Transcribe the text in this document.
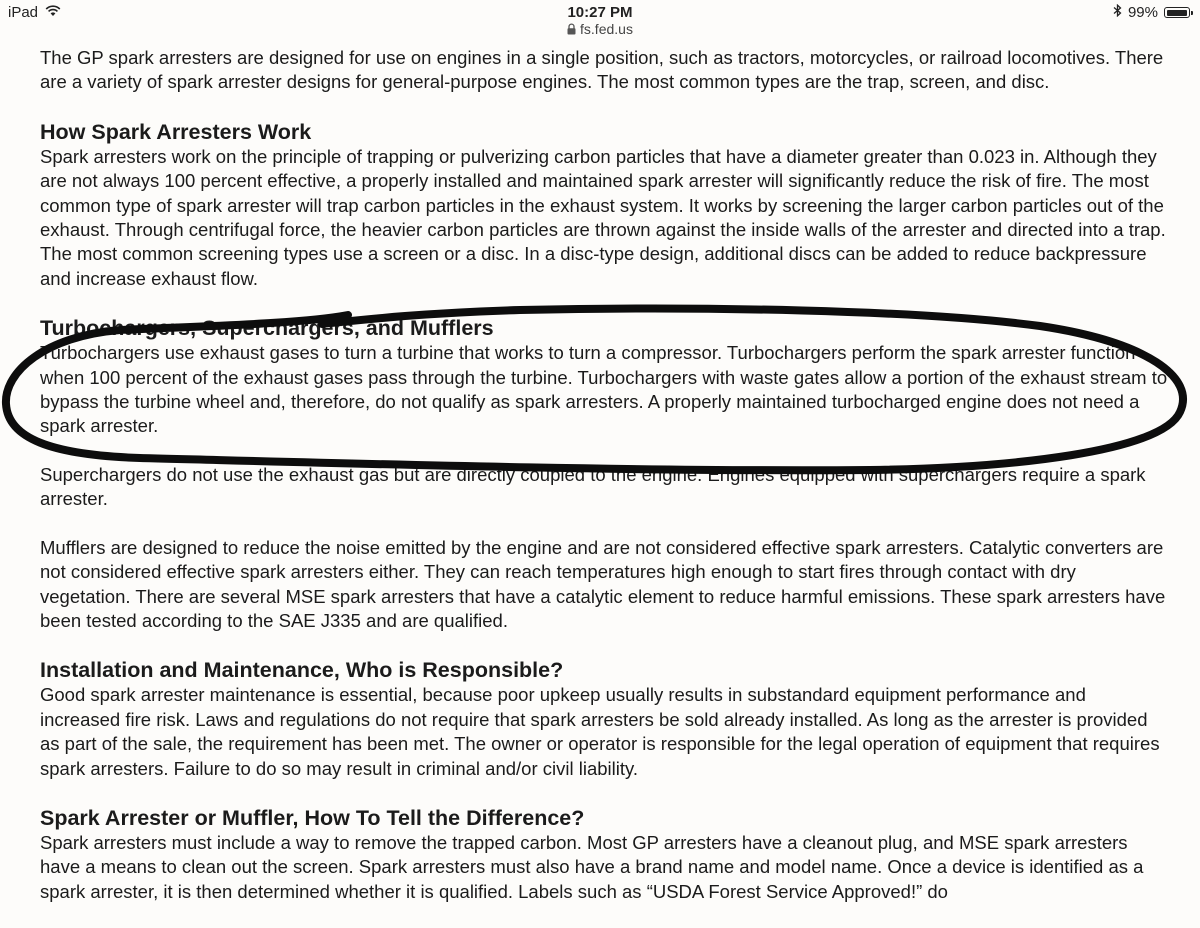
iPad	10:27 PM	99%
fs.fed.us

The GP spark arresters are designed for use on engines in a single position, such as tractors, motorcycles, or railroad locomotives. There are a variety of spark arrester designs for general-purpose engines. The most common types are the trap, screen, and disc.

How Spark Arresters Work

Spark arresters work on the principle of trapping or pulverizing carbon particles that have a diameter greater than 0.023 in. Although they are not always 100 percent effective, a properly installed and maintained spark arrester will significantly reduce the risk of fire. The most common type of spark arrester will trap carbon particles in the exhaust system. It works by screening the larger carbon particles out of the exhaust. Through centrifugal force, the heavier carbon particles are thrown against the inside walls of the arrester and directed into a trap. The most common screening types use a screen or a disc. In a disc-type design, additional discs can be added to reduce backpressure and increase exhaust flow.

Turbochargers, Superchargers, and Mufflers

Turbochargers use exhaust gases to turn a turbine that works to turn a compressor. Turbochargers perform the spark arrester function when 100 percent of the exhaust gases pass through the turbine. Turbochargers with waste gates allow a portion of the exhaust stream to bypass the turbine wheel and, therefore, do not qualify as spark arresters. A properly maintained turbocharged engine does not need a spark arrester.

Superchargers do not use the exhaust gas but are directly coupled to the engine. Engines equipped with superchargers require a spark arrester.

Mufflers are designed to reduce the noise emitted by the engine and are not considered effective spark arresters. Catalytic converters are not considered effective spark arresters either. They can reach temperatures high enough to start fires through contact with dry vegetation. There are several MSE spark arresters that have a catalytic element to reduce harmful emissions. These spark arresters have been tested according to the SAE J335 and are qualified.

Installation and Maintenance, Who is Responsible?

Good spark arrester maintenance is essential, because poor upkeep usually results in substandard equipment performance and increased fire risk. Laws and regulations do not require that spark arresters be sold already installed. As long as the arrester is provided as part of the sale, the requirement has been met. The owner or operator is responsible for the legal operation of equipment that requires spark arresters. Failure to do so may result in criminal and/or civil liability.

Spark Arrester or Muffler, How To Tell the Difference?

Spark arresters must include a way to remove the trapped carbon. Most GP arresters have a cleanout plug, and MSE spark arresters have a means to clean out the screen. Spark arresters must also have a brand name and model name. Once a device is identified as a spark arrester, it is then determined whether it is qualified. Labels such as “USDA Forest Service Approved!” do
